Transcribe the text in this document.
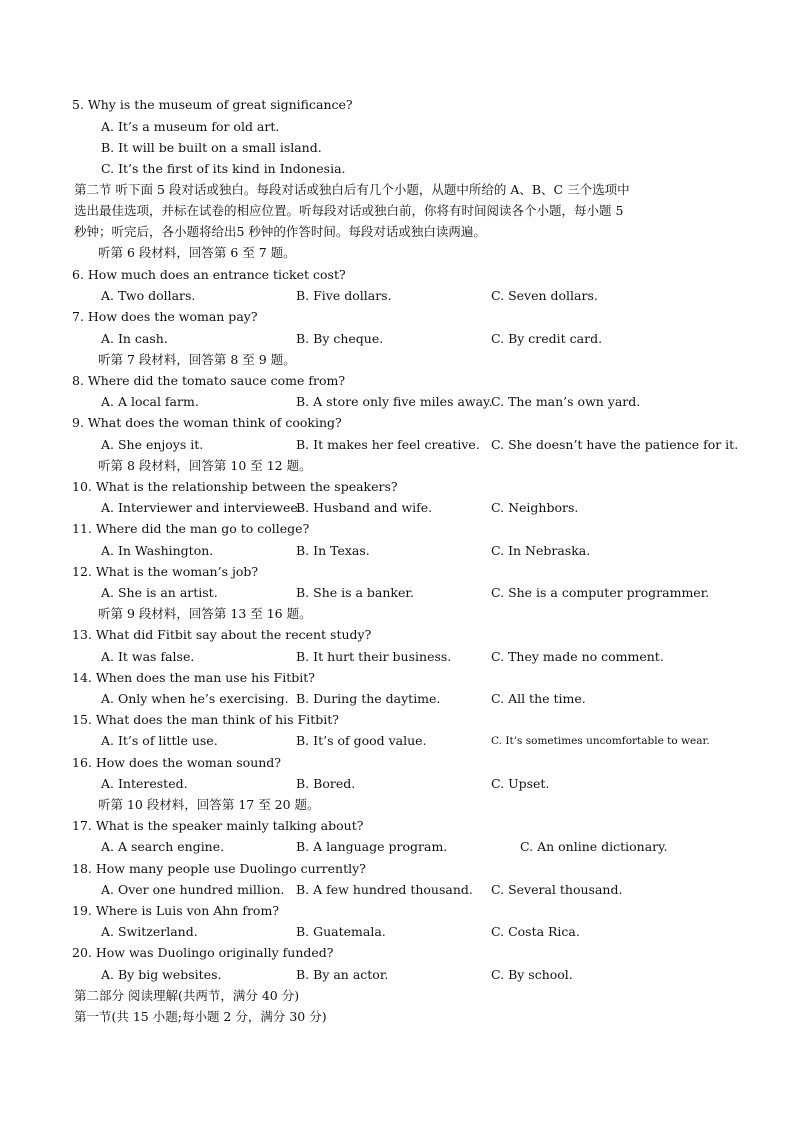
5. Why is the museum of great significance?
A. It’s a museum for old art.
B. It will be built on a small island.
C. It’s the first of its kind in Indonesia.
第二节 听下面 5 段对话或独白。每段对话或独白后有几个小题，从题中所给的 A、B、C 三个选项中
选出最佳选项，并标在试卷的相应位置。听每段对话或独白前，你将有时间阅读各个小题，每小题 5
秒钟；听完后，各小题将给出5 秒钟的作答时间。每段对话或独白读两遍。
听第 6 段材料，回答第 6 至 7 题。
6. How much does an entrance ticket cost?
A. Two dollars.	B. Five dollars.	C. Seven dollars.
7. How does the woman pay?
A. In cash.	B. By cheque.	C. By credit card.
听第 7 段材料，回答第 8 至 9 题。
8. Where did the tomato sauce come from?
A. A local farm.	B. A store only five miles away.
C. The man’s own yard.
9. What does the woman think of cooking?
A. She enjoys it.	B. It makes her feel creative. C. She doesn’t have the patience for it.
听第 8 段材料，回答第 10 至 12 题。
10. What is the relationship between the speakers?
A. Interviewer and interviewee.
B. Husband and wife.	C. Neighbors.
11. Where did the man go to college?
A. In Washington.	B. In Texas.	C. In Nebraska.
12. What is the woman’s job?
A. She is an artist.	B. She is a banker.	C. She is a computer programmer.
听第 9 段材料，回答第 13 至 16 题。
13. What did Fitbit say about the recent study?
A. It was false.	B. It hurt their business.	C. They made no comment.
14. When does the man use his Fitbit?
A. Only when he’s exercising. B. During the daytime.	C. All the time.
15. What does the man think of his Fitbit?
A. It’s of little use.	B. It’s of good value.	C. It’s sometimes uncomfortable to wear.
16. How does the woman sound?
A. Interested.	B. Bored.	C. Upset.
听第 10 段材料，回答第 17 至 20 题。
17. What is the speaker mainly talking about?
A. A search engine.	B. A language program.	C. An online dictionary.
18. How many people use Duolingo currently?
A. Over one hundred million. B. A few hundred thousand. C. Several thousand.
19. Where is Luis von Ahn from?
A. Switzerland.	B. Guatemala.	C. Costa Rica.
20. How was Duolingo originally funded?
A. By big websites.	B. By an actor.	C. By school.
第二部分 阅读理解(共两节，满分 40 分)
第一节(共 15 小题;每小题 2 分，满分 30 分)
